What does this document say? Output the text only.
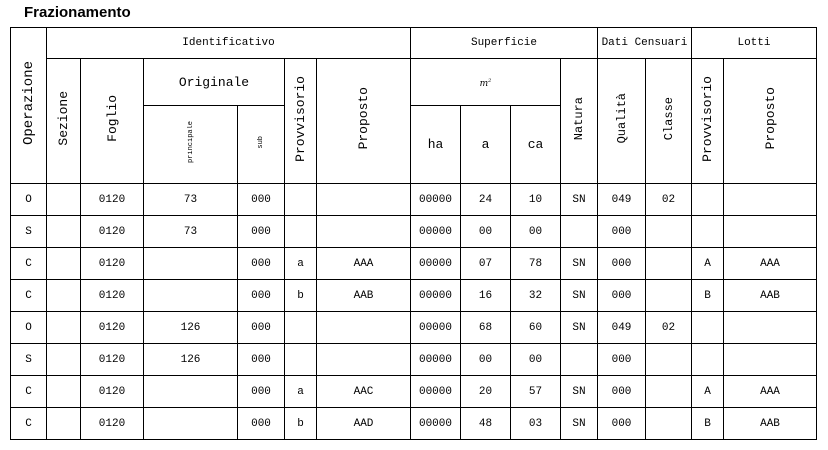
Frazionamento
Operazione	Identificativo						Superficie				Dati Censuari		Lotti	
	Sezione	Foglio	Originale		Provvisorio	Proposto	$m^2$			Natura	Qualità	Classe	Provvisorio	Proposto
			principale	sub			ha	a	ca					
O		0120	73	000			00000	24	10	SN	049	02		
S		0120	73	000			00000	00	00		000			
C		0120		000	a	AAA	00000	07	78	SN	000		A	AAA
C		0120		000	b	AAB	00000	16	32	SN	000		B	AAB
O		0120	126	000			00000	68	60	SN	049	02		
S		0120	126	000			00000	00	00		000			
C		0120		000	a	AAC	00000	20	57	SN	000		A	AAA
C		0120		000	b	AAD	00000	48	03	SN	000		B	AAB
